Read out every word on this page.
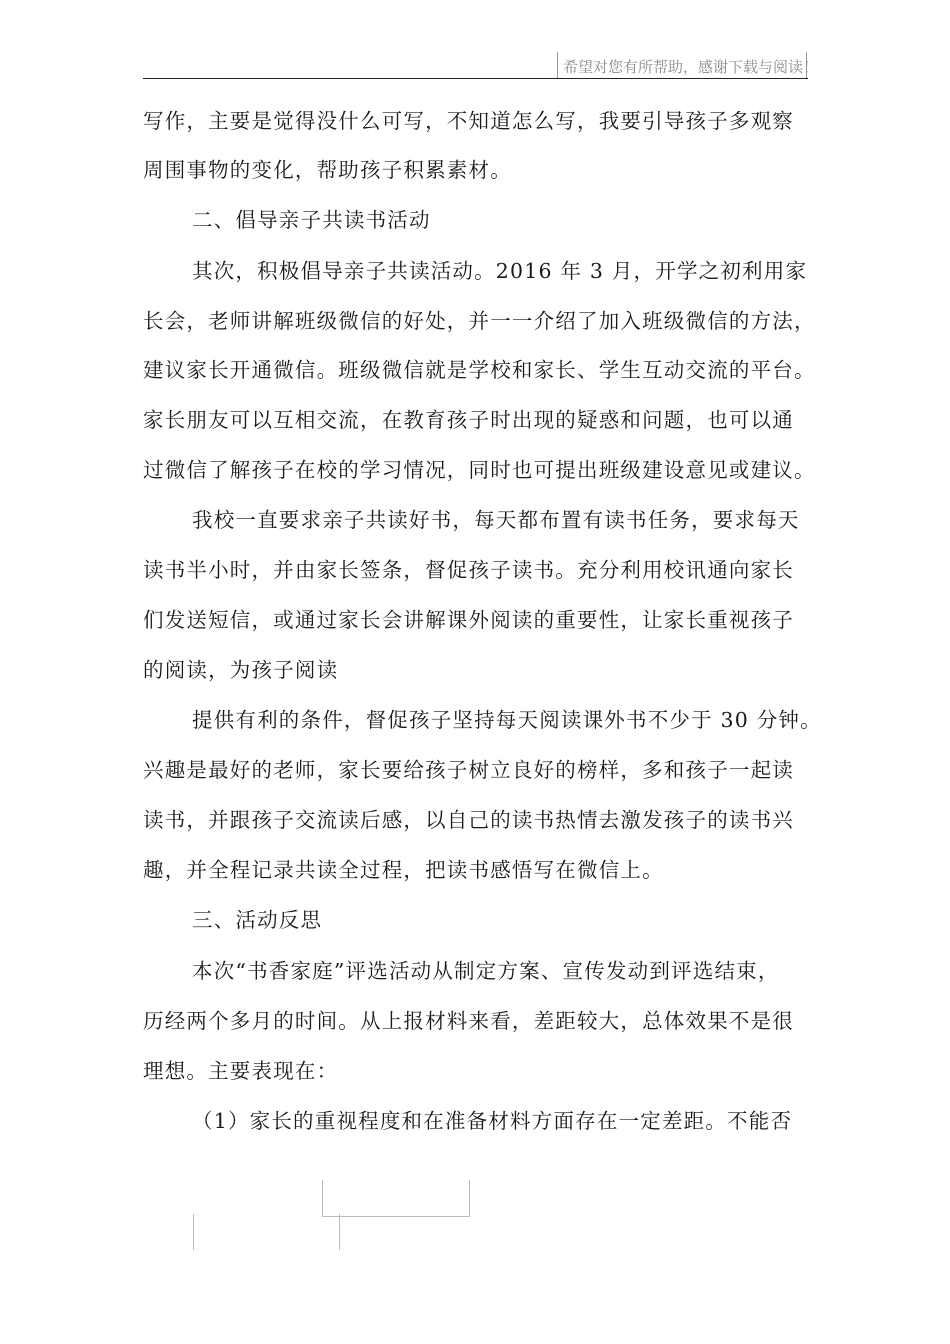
希望对您有所帮助，感谢下载与阅读！
写作，主要是觉得没什么可写，不知道怎么写，我要引导孩子多观察
周围事物的变化，帮助孩子积累素材。
二、倡导亲子共读书活动
其次，积极倡导亲子共读活动。2016 年 3 月，开学之初利用家
长会，老师讲解班级微信的好处，并一一介绍了加入班级微信的方法，
建议家长开通微信。班级微信就是学校和家长、学生互动交流的平台。
家长朋友可以互相交流，在教育孩子时出现的疑惑和问题，也可以通
过微信了解孩子在校的学习情况，同时也可提出班级建设意见或建议。
我校一直要求亲子共读好书，每天都布置有读书任务，要求每天
读书半小时，并由家长签条，督促孩子读书。充分利用校讯通向家长
们发送短信，或通过家长会讲解课外阅读的重要性，让家长重视孩子
的阅读，为孩子阅读
提供有利的条件，督促孩子坚持每天阅读课外书不少于 30 分钟。
兴趣是最好的老师，家长要给孩子树立良好的榜样，多和孩子一起读
读书，并跟孩子交流读后感，以自己的读书热情去激发孩子的读书兴
趣，并全程记录共读全过程，把读书感悟写在微信上。
三、活动反思
本次“书香家庭”评选活动从制定方案、宣传发动到评选结束，
历经两个多月的时间。从上报材料来看，差距较大，总体效果不是很
理想。主要表现在：
（1）家长的重视程度和在准备材料方面存在一定差距。不能否
